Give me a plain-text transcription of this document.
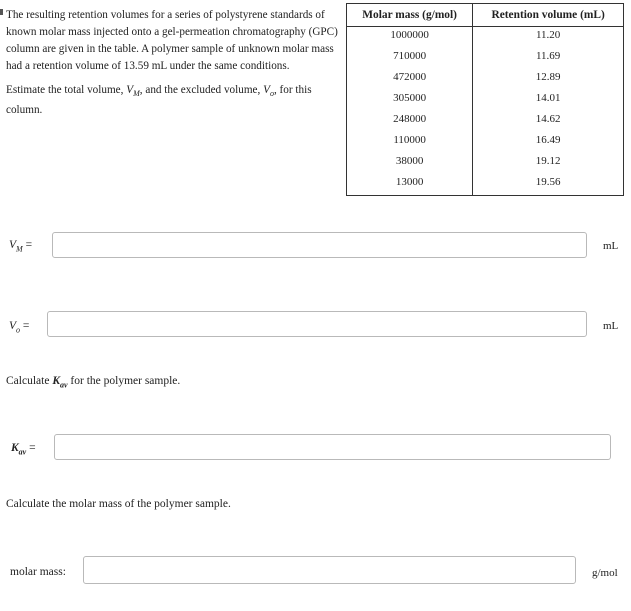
The resulting retention volumes for a series of polystyrene standards of known molar mass injected onto a gel-permeation chromatography (GPC) column are given in the table. A polymer sample of unknown molar mass had a retention volume of 13.59 mL under the same conditions.

Estimate the total volume, $V_M$, and the excluded volume, $V_o$, for this column.

Molar mass (g/mol)	Retention volume (mL)
1000000	11.20
710000	11.69
472000	12.89
305000	14.01
248000	14.62
110000	16.49
38000	19.12
13000	19.56
$V_M$ =	mL
$V_o$ =	mL
Calculate $K_{av}$ for the polymer sample.
$K_{av}$ =
Calculate the molar mass of the polymer sample.
molar mass:	g/mol
